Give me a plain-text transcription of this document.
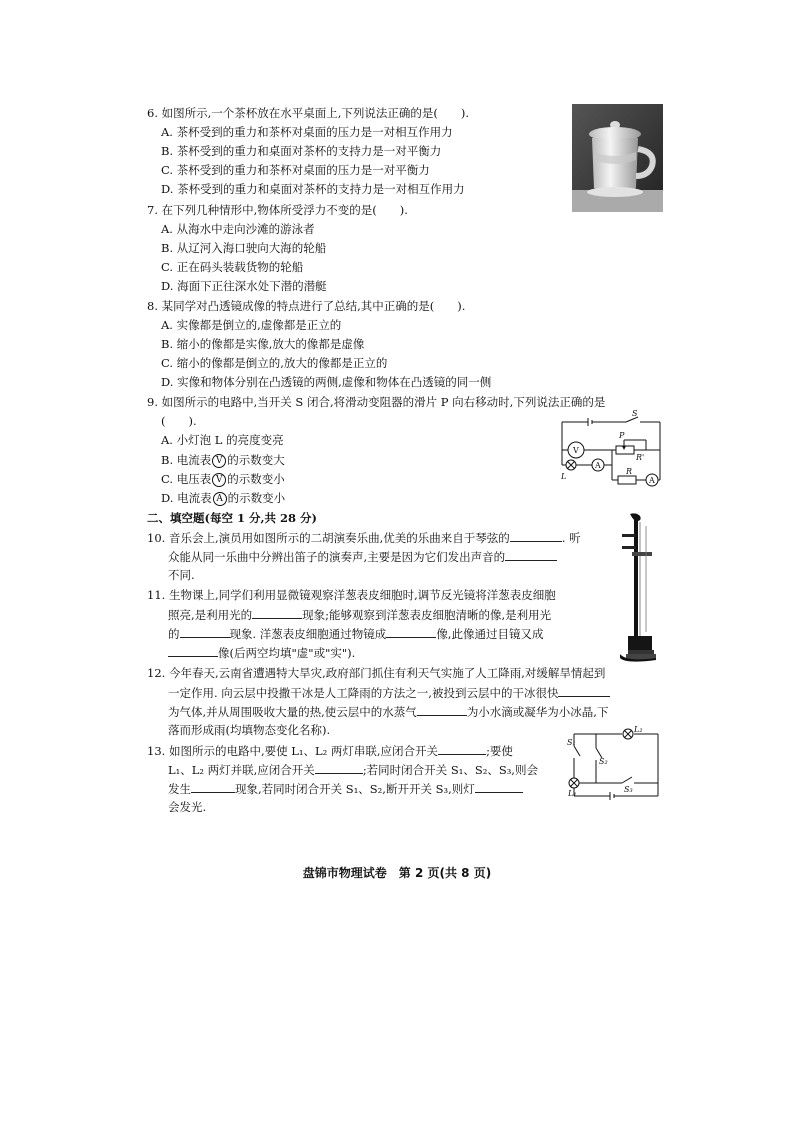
6. 如图所示,一个茶杯放在水平桌面上,下列说法正确的是(　　).
A. 茶杯受到的重力和茶杯对桌面的压力是一对相互作用力
B. 茶杯受到的重力和桌面对茶杯的支持力是一对平衡力
C. 茶杯受到的重力和茶杯对桌面的压力是一对平衡力
D. 茶杯受到的重力和桌面对茶杯的支持力是一对相互作用力
7. 在下列几种情形中,物体所受浮力不变的是(　　).
A. 从海水中走向沙滩的游泳者
B. 从辽河入海口驶向大海的轮船
C. 正在码头装载货物的轮船
D. 海面下正往深水处下潜的潜艇
8. 某同学对凸透镜成像的特点进行了总结,其中正确的是(　　).
A. 实像都是倒立的,虚像都是正立的
B. 缩小的像都是实像,放大的像都是虚像
C. 缩小的像都是倒立的,放大的像都是正立的
D. 实像和物体分别在凸透镜的两侧,虚像和物体在凸透镜的同一侧
9. 如图所示的电路中,当开关 S 闭合,将滑动变阻器的滑片 P 向右移动时,下列说法正确的是
(　　).
A. 小灯泡 L 的亮度变亮
B. 电流表 V 的示数变大
C. 电压表 V 的示数变小
D. 电流表 A 的示数变小
S
P
R'
R
L
V
A
A
二、填空题(每空 1 分,共 28 分)
10. 音乐会上,演员用如图所示的二胡演奏乐曲,优美的乐曲来自于琴弦的	. 听
众能从同一乐曲中分辨出笛子的演奏声,主要是因为它们发出声音的
不同.
11. 生物课上,同学们利用显微镜观察洋葱表皮细胞时,调节反光镜将洋葱表皮细胞
照亮,是利用光的	现象;能够观察到洋葱表皮细胞清晰的像,是利用光
的	现象. 洋葱表皮细胞通过物镜成	像,此像通过目镜又成
像(后两空均填"虚"或"实").
12. 今年春天,云南省遭遇特大旱灾,政府部门抓住有利天气实施了人工降雨,对缓解旱情起到
一定作用. 向云层中投撒干冰是人工降雨的方法之一,被投到云层中的干冰很快
为气体,并从周围吸收大量的热,使云层中的水蒸气	为小水滴或凝华为小冰晶,下
落而形成雨(均填物态变化名称).
13. 如图所示的电路中,要使 L₁、L₂ 两灯串联,应闭合开关	;要使
L₁、L₂ 两灯并联,应闭合开关	;若同时闭合开关 S₁、S₂、S₃,则会
发生	现象,若同时闭合开关 S₁、S₂,断开开关 S₃,则灯
会发光.
L₂
S₁
S₂
S₃
L₁
盘锦市物理试卷　第 2 页(共 8 页)
